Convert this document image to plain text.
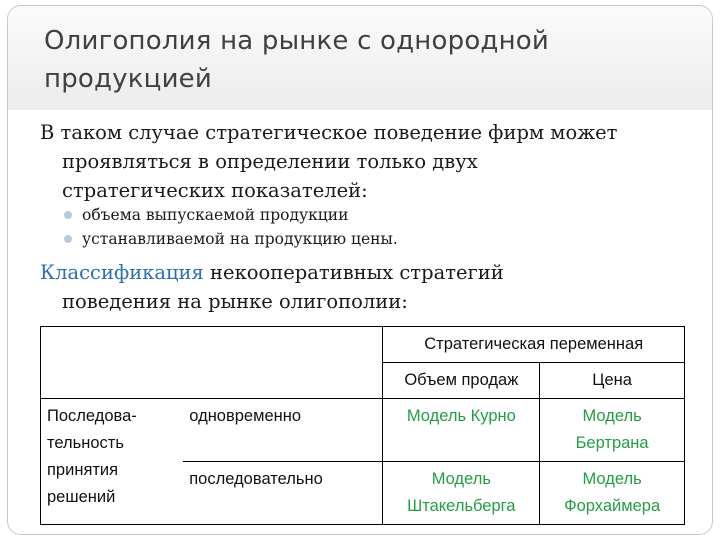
Олигополия на рынке с однородной продукцией

В таком случае стратегическое поведение фирм может
проявляться в определении только двух
стратегических показателей:

объема выпускаемой продукции
устанавливаемой на продукцию цены.

Классификация некооперативных стратегий
поведения на рынке олигополии:

		Стратегическая переменная	
		Объем продаж	Цена
Последова-тельность принятия решений	одновременно	Модель Курно	Модель Бертрана
	последовательно	Модель Штакельберга	Модель Форхаймера
